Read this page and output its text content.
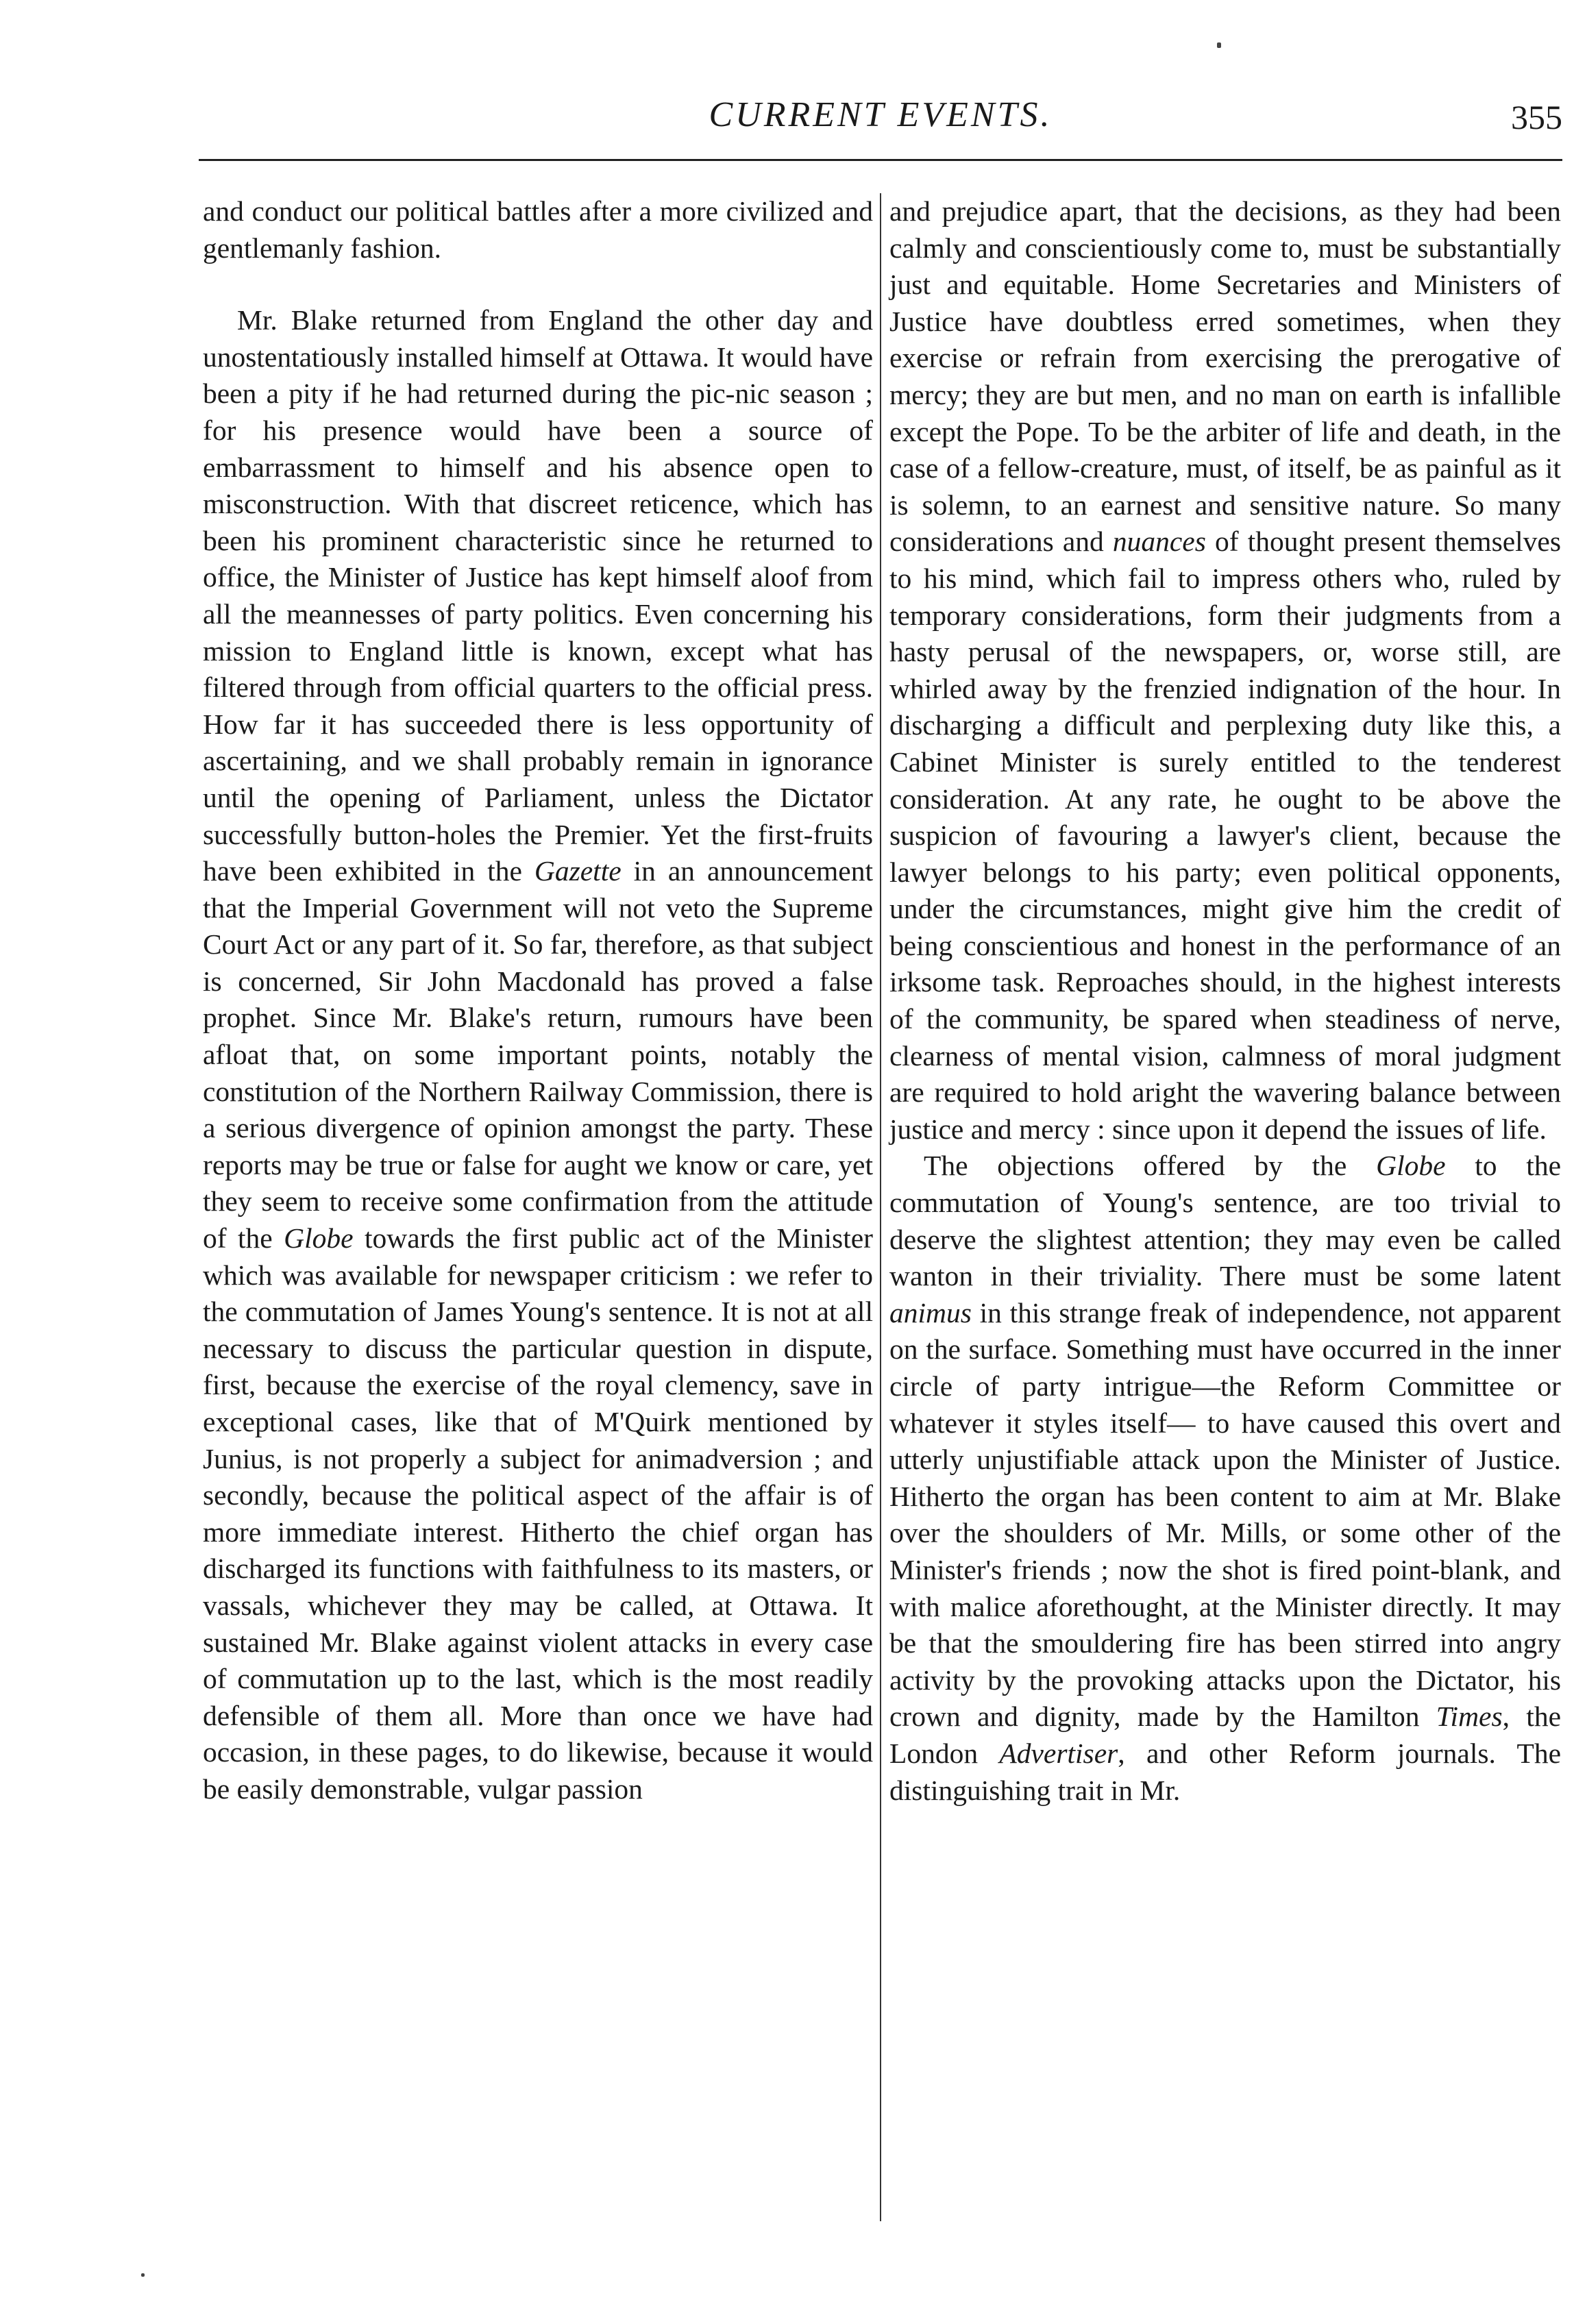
CURRENT EVENTS.	355

and conduct our political battles after a more civilized and gentlemanly fashion.

Mr. Blake returned from England the other day and unostentatiously installed himself at Ottawa. It would have been a pity if he had returned during the pic-nic season ; for his presence would have been a source of embarrassment to himself and his absence open to misconstruction. With that discreet reticence, which has been his prominent characteristic since he returned to office, the Minister of Justice has kept himself aloof from all the meannesses of party politics. Even concerning his mission to England little is known, except what has filtered through from official quarters to the official press. How far it has succeeded there is less opportunity of ascertaining, and we shall probably remain in ignorance until the opening of Parliament, unless the Dictator successfully button-holes the Premier. Yet the first-fruits have been exhibited in the Gazette in an announcement that the Imperial Government will not veto the Supreme Court Act or any part of it. So far, therefore, as that subject is concerned, Sir John Macdonald has proved a false prophet. Since Mr. Blake's return, rumours have been afloat that, on some important points, notably the constitution of the Northern Railway Commission, there is a serious divergence of opinion amongst the party. These reports may be true or false for aught we know or care, yet they seem to receive some confirmation from the attitude of the Globe towards the first public act of the Minister which was available for newspaper criticism : we refer to the commutation of James Young's sentence. It is not at all necessary to discuss the particular question in dispute, first, because the exercise of the royal clemency, save in exceptional cases, like that of M'Quirk mentioned by Junius, is not properly a subject for animadversion ; and secondly, because the political aspect of the affair is of more immediate interest. Hitherto the chief organ has discharged its functions with faithfulness to its masters, or vassals, whichever they may be called, at Ottawa. It sustained Mr. Blake against violent attacks in every case of commutation up to the last, which is the most readily defensible of them all. More than once we have had occasion, in these pages, to do likewise, because it would be easily demonstrable, vulgar passion

and prejudice apart, that the decisions, as they had been calmly and conscientiously come to, must be substantially just and equitable. Home Secretaries and Ministers of Justice have doubtless erred sometimes, when they exercise or refrain from exercising the prerogative of mercy; they are but men, and no man on earth is infallible except the Pope. To be the arbiter of life and death, in the case of a fellow-creature, must, of itself, be as painful as it is solemn, to an earnest and sensitive nature. So many considerations and nuances of thought present themselves to his mind, which fail to impress others who, ruled by temporary considerations, form their judgments from a hasty perusal of the newspapers, or, worse still, are whirled away by the frenzied indignation of the hour. In discharging a difficult and perplexing duty like this, a Cabinet Minister is surely entitled to the tenderest consideration. At any rate, he ought to be above the suspicion of favouring a lawyer's client, because the lawyer belongs to his party; even political opponents, under the circumstances, might give him the credit of being conscientious and honest in the performance of an irksome task. Reproaches should, in the highest interests of the community, be spared when steadiness of nerve, clearness of mental vision, calmness of moral judgment are required to hold aright the wavering balance between justice and mercy : since upon it depend the issues of life.

The objections offered by the Globe to the commutation of Young's sentence, are too trivial to deserve the slightest attention; they may even be called wanton in their triviality. There must be some latent animus in this strange freak of independence, not apparent on the surface. Something must have occurred in the inner circle of party intrigue—the Reform Committee or whatever it styles itself— to have caused this overt and utterly unjustifiable attack upon the Minister of Justice. Hitherto the organ has been content to aim at Mr. Blake over the shoulders of Mr. Mills, or some other of the Minister's friends ; now the shot is fired point-blank, and with malice aforethought, at the Minister directly. It may be that the smouldering fire has been stirred into angry activity by the provoking attacks upon the Dictator, his crown and dignity, made by the Hamilton Times, the London Advertiser, and other Reform journals. The distinguishing trait in Mr.
